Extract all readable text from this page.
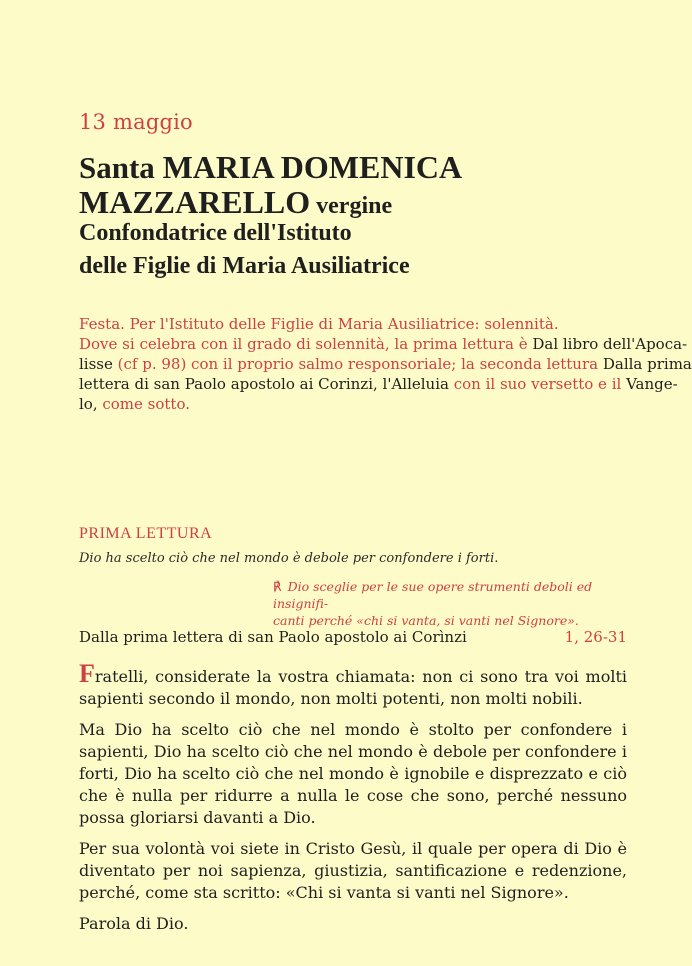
13 maggio
Santa MARIA DOMENICA
MAZZARELLO vergine
Confondatrice dell'Istituto
delle Figlie di Maria Ausiliatrice
Festa. Per l'Istituto delle Figlie di Maria Ausiliatrice: solennità.
Dove si celebra con il grado di solennità, la prima lettura è Dal libro dell'Apoca-
lisse (cf p. 98) con il proprio salmo responsoriale; la seconda lettura Dalla prima
lettera di san Paolo apostolo ai Corinzi, l'Alleluia con il suo versetto e il Vange-
lo, come sotto.
PRIMA LETTURA
Dio ha scelto ciò che nel mondo è debole per confondere i forti.
℟ Dio sceglie per le sue opere strumenti deboli ed insignifi-
canti perché «chi si vanta, si vanti nel Signore».
Dalla prima lettera di san Paolo apostolo ai Corìnzi	1, 26-31

Fratelli, considerate la vostra chiamata: non ci sono tra voi molti sapienti secondo il mondo, non molti potenti, non molti nobili.

Ma Dio ha scelto ciò che nel mondo è stolto per confondere i sapienti, Dio ha scelto ciò che nel mondo è debole per confondere i forti, Dio ha scelto ciò che nel mondo è ignobile e disprezzato e ciò che è nulla per ridurre a nulla le cose che sono, perché nessuno possa gloriarsi davanti a Dio.

Per sua volontà voi siete in Cristo Gesù, il quale per opera di Dio è diventato per noi sapienza, giustizia, santificazione e redenzione, perché, come sta scritto: «Chi si vanta si vanti nel Signore».

Parola di Dio.
